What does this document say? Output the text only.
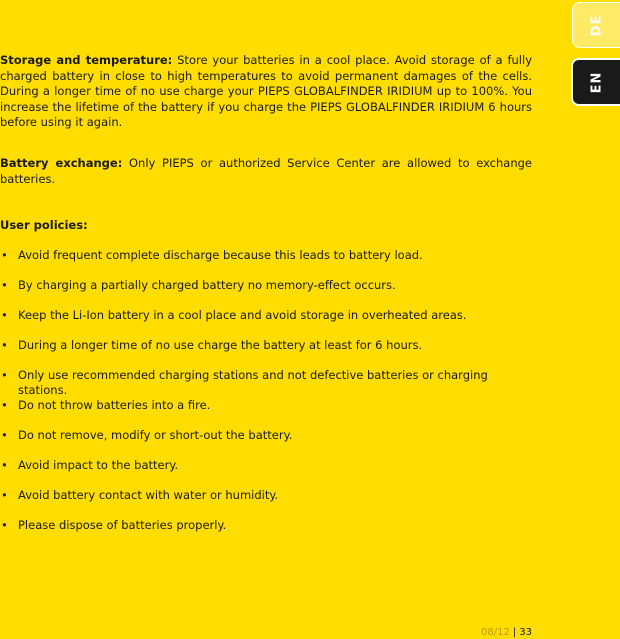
DE
EN

Storage and temperature: Store your batteries in a cool place. Avoid storage of a fully charged battery in close to high temperatures to avoid permanent damages of the cells. During a longer time of no use charge your PIEPS GLOBALFINDER IRIDIUM up to 100%. You increase the lifetime of the battery if you charge the PIEPS GLOBALFINDER IRIDIUM 6 hours before using it again.

Battery exchange: Only PIEPS or authorized Service Center are allowed to exchange batteries.

User policies:
• Avoid frequent complete discharge because this leads to battery load.
• By charging a partially charged battery no memory-effect occurs.
• Keep the Li-Ion battery in a cool place and avoid storage in overheated areas.
• During a longer time of no use charge the battery at least for 6 hours.
• Only use recommended charging stations and not defective batteries or charging stations.
• Do not throw batteries into a fire.
• Do not remove, modify or short-out the battery.
• Avoid impact to the battery.
• Avoid battery contact with water or humidity.
• Please dispose of batteries properly.
08/12 | 33
